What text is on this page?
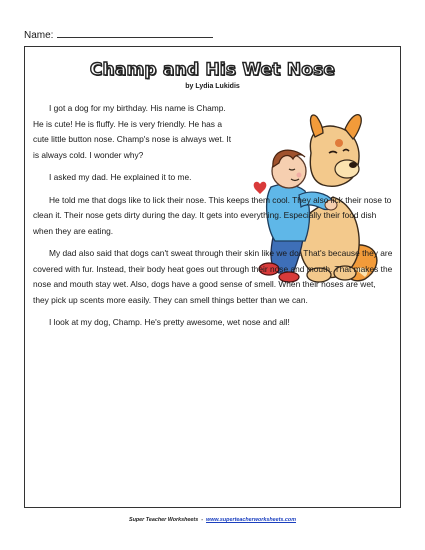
Name:
Champ and His Wet Nose
by Lydia Lukidis

I got a dog for my birthday. His name is Champ. He is cute! He is fluffy. He is very friendly. He has a cute little button nose. Champ's nose is always wet. It is always cold. I wonder why?

I asked my dad. He explained it to me.

He told me that dogs like to lick their nose. This keeps them cool. They also lick their nose to clean it. Their nose gets dirty during the day. It gets into everything. Especially their food dish when they are eating.

My dad also said that dogs can't sweat through their skin like we do. That's because they are covered with fur. Instead, their body heat goes out through their nose and mouth. That makes the nose and mouth stay wet. Also, dogs have a good sense of smell. When their noses are wet, they pick up scents more easily. They can smell things better than we can.

I look at my dog, Champ. He's pretty awesome, wet nose and all!

Super Teacher Worksheets - www.superteacherworksheets.com
